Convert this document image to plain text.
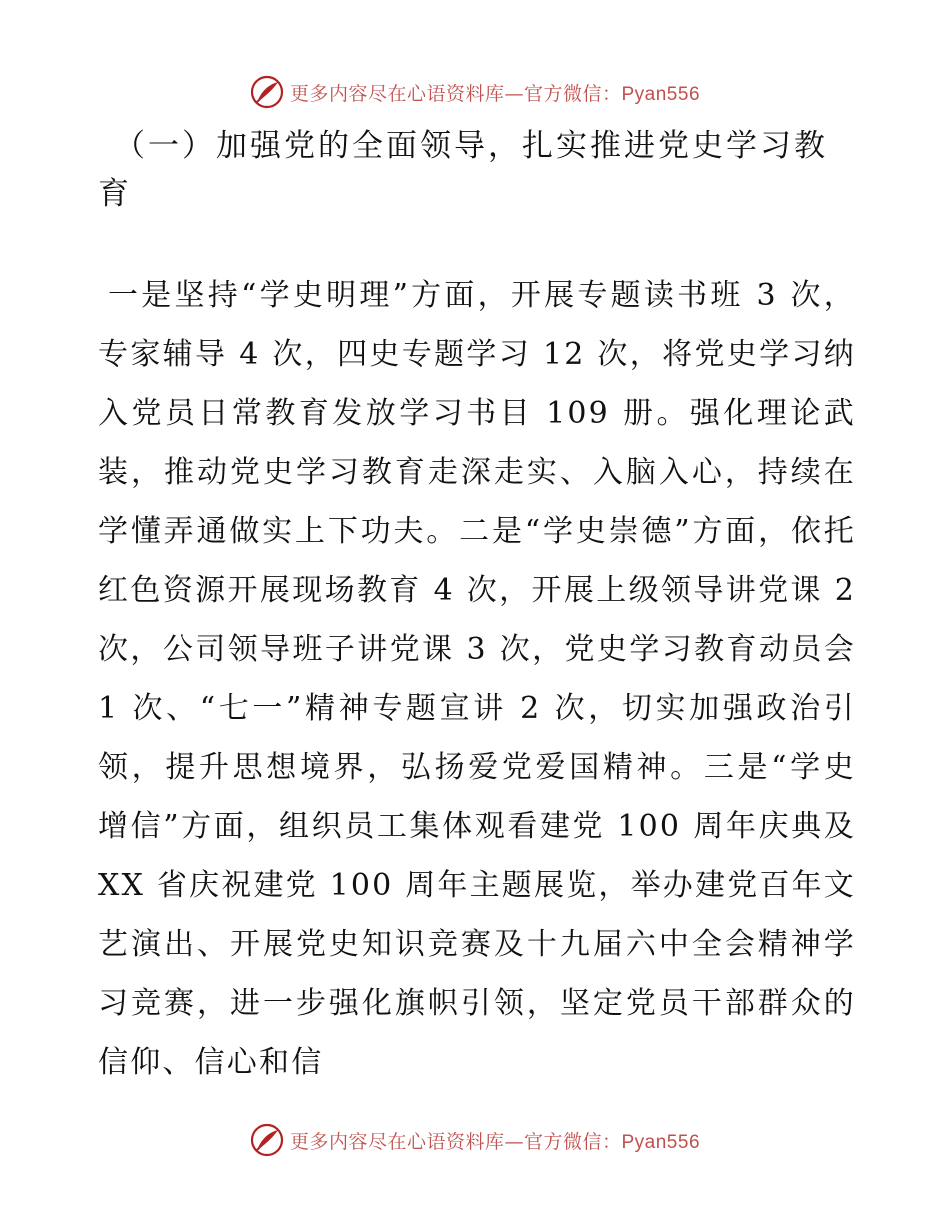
更多内容尽在心语资料库—官方微信：Pyan556
（一）加强党的全面领导，扎实推进党史学习教育

一是坚持“学史明理”方面，开展专题读书班 3 次，专家辅导 4 次，四史专题学习 12 次，将党史学习纳入党员日常教育发放学习书目 109 册。强化理论武装，推动党史学习教育走深走实、入脑入心，持续在学懂弄通做实上下功夫。二是“学史崇德”方面，依托红色资源开展现场教育 4 次，开展上级领导讲党课 2 次，公司领导班子讲党课 3 次，党史学习教育动员会 1 次、“七一”精神专题宣讲 2 次，切实加强政治引领，提升思想境界，弘扬爱党爱国精神。三是“学史增信”方面，组织员工集体观看建党 100 周年庆典及 XX 省庆祝建党 100 周年主题展览，举办建党百年文艺演出、开展党史知识竞赛及十九届六中全会精神学习竞赛，进一步强化旗帜引领，坚定党员干部群众的信仰、信心和信

更多内容尽在心语资料库—官方微信：Pyan556
